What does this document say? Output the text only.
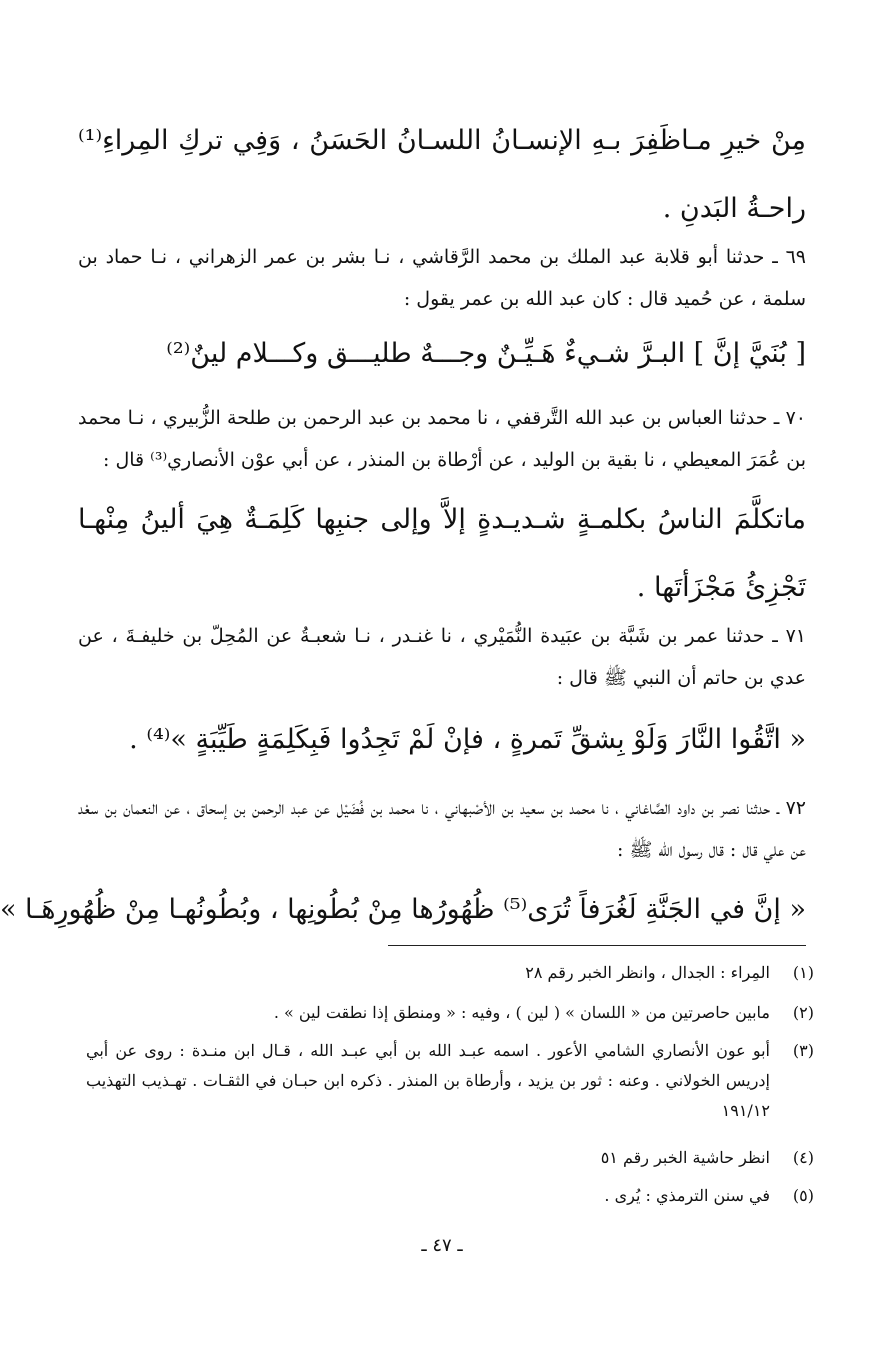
مِنْ خيرِ مـاظَفِرَ بـهِ الإنسـانُ اللسـانُ الحَسَنُ ، وَفِي تركِ المِراءِ⁽¹⁾ راحـةُ البَدنِ .
٦٩ ـ حدثنا أبو قلابة عبد الملك بن محمد الرَّقاشي ، نـا بشر بن عمر الزهراني ، نـا حماد بن سلمة ، عن حُميد قال : كان عبد الله بن عمر يقول :
[ بُنَيَّ إنَّ ] البـرَّ شـيءٌ هَـيِّـنٌ وجـــهٌ طليـــق وكـــلام لينٌ⁽²⁾
٧٠ ـ حدثنا العباس بن عبد الله التَّرقفي ، نا محمد بن عبد الرحمن بن طلحة الزُّبيري ، نـا محمد بن عُمَرَ المعيطي ، نا بقية بن الوليد ، عن أرْطاة بن المنذر ، عن أبي عوْن الأنصاري⁽³⁾ قال :
ماتكلَّمَ الناسُ بكلمـةٍ شـديـدةٍ إلاَّ وإلى جنبِها كَلِمَـةٌ هِيَ ألينُ مِنْهـا تَجْزِئُ مَجْزَأتَها .
٧١ ـ حدثنا عمر بن شَبَّة بن عبَيدة النُّمَيْري ، نا غنـدر ، نـا شعبـةُ عن المُحِلّ بن خليفـةَ ، عن عدي بن حاتم أن النبي ﷺ قال :
« اتَّقُوا النَّارَ وَلَوْ بِشقِّ تَمرةٍ ، فإنْ لَمْ تَجِدُوا فَبِكَلِمَةٍ طَيِّبَةٍ »⁽⁴⁾ .
٧٢ ـ حدثنا نصر بن داود الصَّاغاني ، نا محمد بن سعيد بن الأصْبهاني ، نا محمد بن فُضَيْل عن عبد الرحمن بن إسحاق ، عن النعمان بن سعْد عن علي قال : قال رسول الله ﷺ :
« إنَّ في الجَنَّةِ لَغُرَفاً تُرَى⁽⁵⁾ ظُهُورُها مِنْ بُطُونِها ، وبُطُونُهـا مِنْ ظُهُورِهَـا »
(١)
المِراء : الجدال ، وانظر الخبر رقم ٢٨
(٢)
مابين حاصرتين من « اللسان » ( لين ) ، وفيه : « ومنطق إذا نطقت لين » .
(٣)
أبو عون الأنصاري الشامي الأعور . اسمه عبـد الله بن أبي عبـد الله ، قـال ابن منـدة : روى عن أبي إدريس الخولاني . وعنه : ثور بن يزيد ، وأرطاة بن المنذر . ذكره ابن حبـان في الثقـات . تهـذيب التهذيب ١٩١/١٢
(٤)
انظر حاشية الخبر رقم ٥١
(٥)
في سنن الترمذي : يُرى .
ـ ٤٧ ـ
